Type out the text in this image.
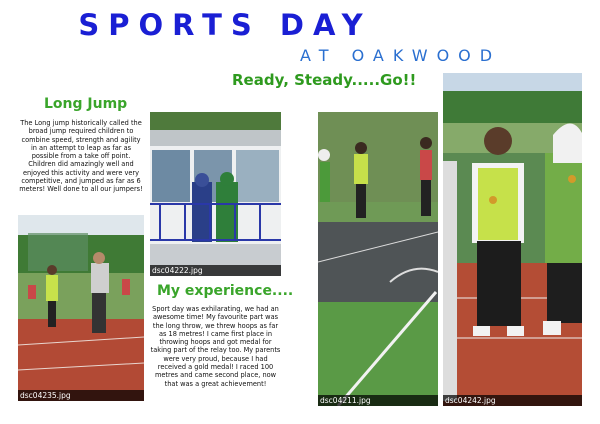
SPORTS DAY
AT OAKWOOD
Ready, Steady.....Go!!
Long Jump
The Long jump historically called the broad jump required children to combine speed, strength and agility in an attempt to leap as far as possible from a take off point. Children did amazingly well and enjoyed this activity and were very competitive, and jumped as far as 6 meters! Well done to all our jumpers!
dsc04235.jpg
dsc04222.jpg
My experience....
Sport day was exhilarating, we had an awesome time! My favourite part was the long throw, we threw hoops as far as 18 metres! I came first place in throwing hoops and got medal for taking part of the relay too. My parents were very proud, because I had received a gold medal! I raced 100 metres and came second place, now that was a great achievement!
dsc04211.jpg	dsc04242.jpg
